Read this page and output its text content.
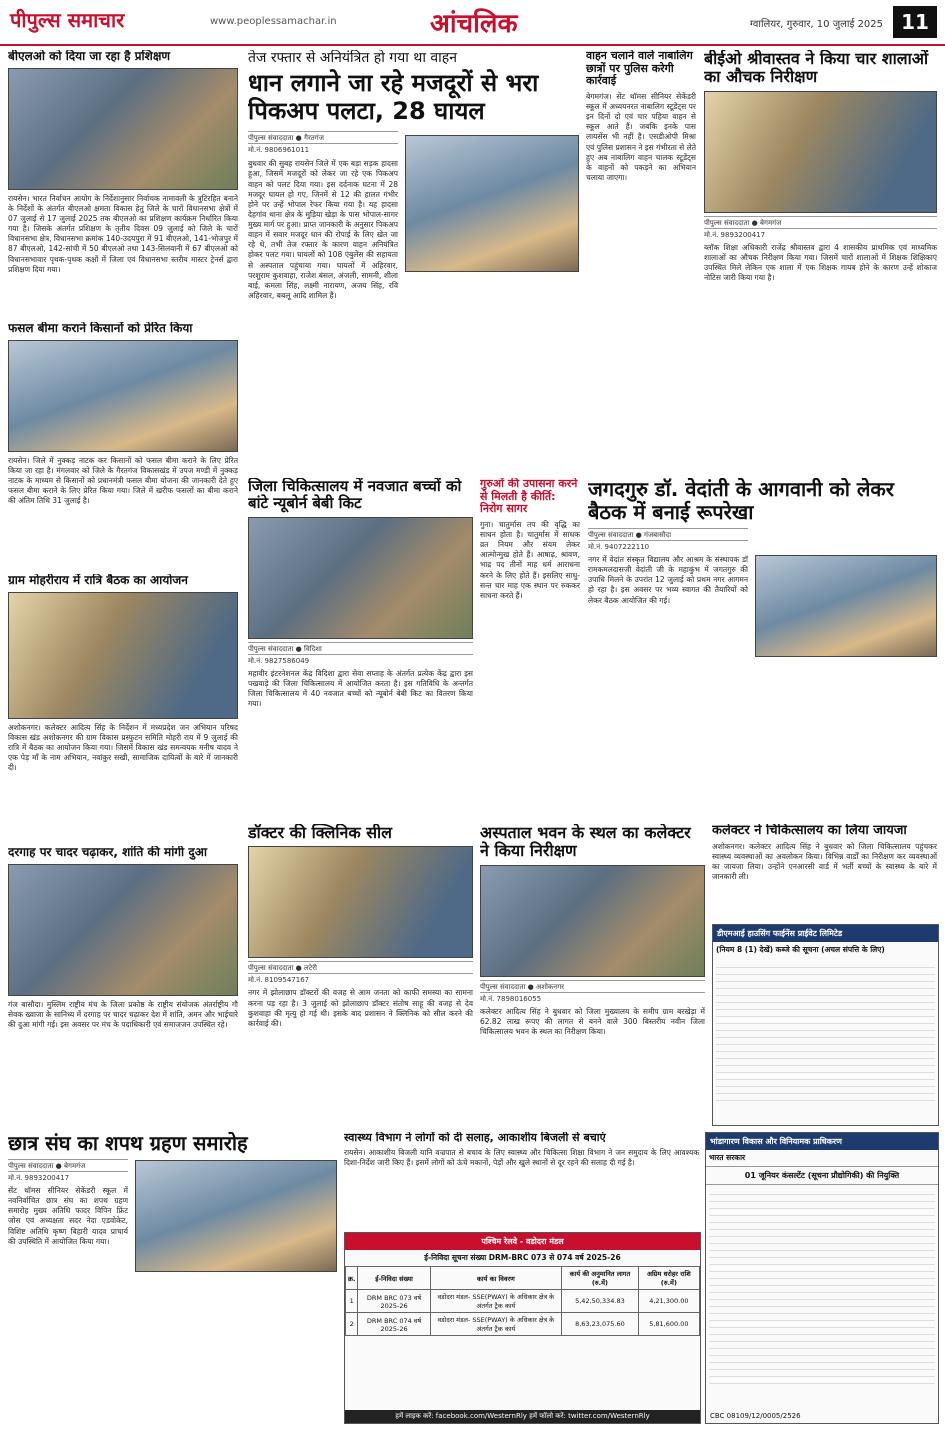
पीपुल्स समाचार	www.peoplessamachar.in	आंचलिक	ग्वालियर, गुरुवार, 10 जुलाई 2025 11
बीएलओ को दिया जा रहा है प्रशिक्षण
रायसेन। भारत निर्वाचन आयोग के निर्देशानुसार निर्वाचक नामावली के त्रुटिरहित बनाने के निर्देशों के अंतर्गत बीएलओ क्षमता विकास हेतु जिले के चारों विधानसभा क्षेत्रों में 07 जुलाई से 17 जुलाई 2025 तक बीएलओ का प्रशिक्षण कार्यक्रम निर्धारित किया गया है। जिसके अंतर्गत प्रशिक्षण के तृतीय दिवस 09 जुलाई को जिले के चारों विधानसभा क्षेत्र, विधानसभा क्रमांक 140-उदयपुरा में 91 बीएलओ, 141-भोजपुर में 87 बीएलओ, 142-सांची में 50 बीएलओ तथा 143-सिलवानी में 67 बीएलओ को विधानसभावार पृथक-पृथक कक्षों में जिला एवं विधानसभा स्तरीय मास्टर ट्रेनर्स द्वारा प्रशिक्षण दिया गया।
फसल बीमा कराने किसानों को प्रेरित किया
रायसेन। जिले में नुक्कड़ नाटक कर किसानों को फसल बीमा कराने के लिए प्रेरित किया जा रहा है। मंगलवार को जिले के गैरतगंज विकासखंड में उपज मण्डी में नुक्कड़ नाटक के माध्यम से किसानों को प्रधानमंत्री फसल बीमा योजना की जानकारी देते हुए फसल बीमा कराने के लिए प्रेरित किया गया। जिले में खरीफ फसलों का बीमा कराने की अंतिम तिथि 31 जुलाई है।
ग्राम मोहरीराय में रात्रि बैठक का आयोजन
अशोकनगर। कलेक्टर आदित्य सिंह के निर्देशन में मध्यप्रदेश जन अभियान परिषद विकास खंड अशोकनगर की ग्राम विकास प्रस्फुटन समिति मोहरी राय में 9 जुलाई की रात्रि में बैठक का आयोजन किया गया। जिसमें विकास खंड समन्वयक मनीष यादव ने एक पेड़ माँ के नाम अभियान, नवांकुर सखी, सामाजिक दायित्वों के बारे में जानकारी दी।
दरगाह पर चादर चढ़ाकर, शांति की मांगी दुआ
गंज बासौदा। मुस्लिम राष्ट्रीय मंच के जिला प्रकोष्ठ के राष्ट्रीय संयोजक अंतर्राष्ट्रीय गौ सेवक ख्वाजा के सानिध्य में दरगाह पर चादर चढ़ाकर देश में शांति, अमन और भाईचारे की दुआ मांगी गई। इस अवसर पर मंच के पदाधिकारी एवं समाजजन उपस्थित रहे।
तेज रफ्तार से अनियंत्रित हो गया था वाहन
धान लगाने जा रहे मजदूरों से भरा पिकअप पलटा, 28 घायल
पीपुल्स संवाददाता ● गैरतगंज
मो.नं. 9806961011
बुधवार की सुबह रायसेन जिले में एक बड़ा सड़क हादसा हुआ, जिसमें मजदूरों को लेकर जा रहे एक पिकअप वाहन को पलट दिया गया। इस दर्दनाक घटना में 28 मजदूर घायल हो गए, जिनमें से 12 की हालत गंभीर होने पर उन्हें भोपाल रेफर किया गया है। यह हादसा देहगांव थाना क्षेत्र के मुड़िया खेड़ा के पास भोपाल-सागर मुख्य मार्ग पर हुआ। प्राप्त जानकारी के अनुसार पिकअप वाहन में सवार मजदूर धान की रोपाई के लिए खेत जा रहे थे, तभी तेज रफ्तार के कारण वाहन अनियंत्रित होकर पलट गया। घायलों को 108 एंबुलेंस की सहायता से अस्पताल पहुंचाया गया। घायलों में अहिरवार, परशुराम कुशवाहा, राजेश बंसल, अंजली, सामनी, शीला बाई, कमला सिंह, लक्ष्मी नारायण, अजय सिंह, रवि अहिरवार, बबलू आदि शामिल हैं।
वाहन चलाने वाले नाबालिग छात्रों पर पुलिस करेगी कार्रवाई
बेगमगंज। सेंट थॉमस सीनियर सेकेंडरी स्कूल में अध्ययनरत नाबालिग स्टूडेंट्स पर इन दिनों दो एवं चार पहिया वाहन से स्कूल आते हैं। जबकि इनके पास लायसेंस भी नहीं है। एसडीओपी मिश्रा एवं पुलिस प्रशासन ने इस गंभीरता से लेते हुए अब नाबालिग वाहन चालक स्टूडेंट्स के वाहनों को पकड़ने का अभियान चलाया जाएगा।
बीईओ श्रीवास्तव ने किया चार शालाओं का औचक निरीक्षण
पीपुल्स संवाददाता ● बेगमगंज
मो.नं. 9893200417
ब्लॉक शिक्षा अधिकारी राजेंद्र श्रीवास्तव द्वारा 4 शासकीय प्राथमिक एवं माध्यमिक शालाओं का औचक निरीक्षण किया गया। जिसमें चारों शालाओं में शिक्षक शिक्षिकाएं उपस्थित मिले लेकिन एक शाला में एक शिक्षक गायब होने के कारण उन्हें शोकाज नोटिस जारी किया गया है।
जिला चिकित्सालय में नवजात बच्चों को बांटे न्यूबोर्न बेबी किट
पीपुल्स संवाददाता ● विदिशा
मो.नं. 9827586049
महावीर इंटरनेशनल केंद्र विदिशा द्वारा सेवा सप्ताह के अंतर्गत प्रत्येक केंद्र द्वारा इस पखवाड़े की जिला चिकित्सालय में आयोजित करता है। इस गतिविधि के अन्तर्गत जिला चिकित्सालय में 40 नवजात बच्चों को न्यूबोर्न बेबी किट का वितरण किया गया।
गुरुओं की उपासना करने से मिलती है कीर्ति: निरोग सागर
गुना। चातुर्मास तप की वृद्धि का साधन होता है। चातुर्मास में साधक व्रत नियम और संयम लेकर आत्मोन्मुख होते हैं। आषाढ़, श्रावण, भाद्र पद तीनों माह धर्म आराधना करने के लिए होते हैं। इसलिए साधु-सन्त चार माह एक स्थान पर रुककर साधना करते हैं।
जगदगुरु डॉ. वेदांती के आगवानी को लेकर बैठक में बनाई रूपरेखा
पीपुल्स संवाददाता ● गंजबासौदा
मो.नं. 9407222110
नगर में वेदांत संस्कृत विद्यालय और आश्रम के संस्थापक डॉ रामकमलदासजी वेदांती जी के महाकुंभ में जगतगुरु की उपाधि मिलने के उपरांत 12 जुलाई को प्रथम नगर आगमन हो रहा है। इस अवसर पर भव्य स्वागत की तैयारियों को लेकर बैठक आयोजित की गई।
डॉक्टर की क्लिनिक सील
पीपुल्स संवाददाता ● लटेरी
मो.नं. 8109547167
नगर में झोलाछाप डॉक्टरों की वजह से आम जनता को काफी समस्या का सामना करना पड़ रहा है। 3 जुलाई को झोलाछाप डॉक्टर संतोष साहू की वजह से देव कुशवाहा की मृत्यु हो गई थी। इसके बाद प्रशासन ने क्लिनिक को सील करने की कार्रवाई की।
अस्पताल भवन के स्थल का कलेक्टर ने किया निरीक्षण
पीपुल्स संवाददाता ● अशोकनगर
मो.नं. 7898016055
कलेक्टर आदित्य सिंह ने बुधवार को जिला मुख्यालय के समीप ग्राम बरखेड़ा में 62.82 लाख रूपए की लागत से बनने वाले 300 बिस्तरीय नवीन जिला चिकित्सालय भवन के स्थल का निरीक्षण किया।
कलेक्टर ने चिकित्सालय का लिया जायजा
अशोकनगर। कलेक्टर आदित्य सिंह ने बुधवार को जिला चिकित्सालय पहुंचकर स्वास्थ्य व्यवस्थाओं का अवलोकन किया। विभिन्न वार्डों का निरीक्षण कर व्यवस्थाओं का जायजा लिया। उन्होंने एनआरसी वार्ड में भर्ती बच्चों के स्वास्थ्य के बारे में जानकारी ली।
डीएमआई हाउसिंग फाईनेंस प्राईवेट लिमिटेड
(नियम 8 (1) देखें) कब्जे की सूचना (अचल संपत्ति के लिए)
छात्र संघ का शपथ ग्रहण समारोह
पीपुल्स संवाददाता ● बेगमगंज
मो.नं. 9893200417
सेंट थॉमस सीनियर सेकेंडरी स्कूल में नवनिर्वाचित छात्र संघ का शपथ ग्रहण समारोह मुख्य अतिथि फादर विपिन फ्रिंट जोस एवं अध्यक्षता सदर नेदा एडवोकेट, विशिष्ट अतिथि कृष्ण बिहारी यादव प्राचार्य की उपस्थिति में आयोजित किया गया।
स्वास्थ्य विभाग ने लोगों को दी सलाह, आकाशीय बिजली से बचाएं
रायसेन। आकाशीय बिजली यानि वज्रपात से बचाव के लिए स्वास्थ्य और चिकित्सा शिक्षा विभाग ने जन समुदाय के लिए आवश्यक दिशा-निर्देश जारी किए हैं। इसमें लोगों को ऊंचे मकानों, पेड़ों और खुले स्थानों से दूर रहने की सलाह दी गई है।
पश्चिम रेलवे - वडोदरा मंडल
ई-निविदा सूचना संख्या DRM-BRC 073 से 074 वर्ष 2025-26
क्र.	ई-निविदा संख्या	कार्य का विवरण	कार्य की अनुमानित लागत (रु.में)	अग्रिम धरोहर राशि (रु.में)
1	DRM BRC 073 वर्ष 2025-26	वडोदरा मंडल- SSE(PWAY) के अधिकार क्षेत्र के अंतर्गत ट्रैक कार्य	5,42,50,334.83	4,21,300.00
2	DRM BRC 074 वर्ष 2025-26	वडोदरा मंडल- SSE(PWAY) के अधिकार क्षेत्र के अंतर्गत ट्रैक कार्य	8,63,23,075.60	5,81,600.00
हमें लाइक करें: facebook.com/WesternRly हमें फॉलो करें: twitter.com/WesternRly
भांडागारण विकास और विनियामक प्राधिकरण
भारत सरकार
01 जूनियर कंसल्टेंट (सूचना प्रौद्योगिकी) की नियुक्ति
CBC 08109/12/0005/2526
